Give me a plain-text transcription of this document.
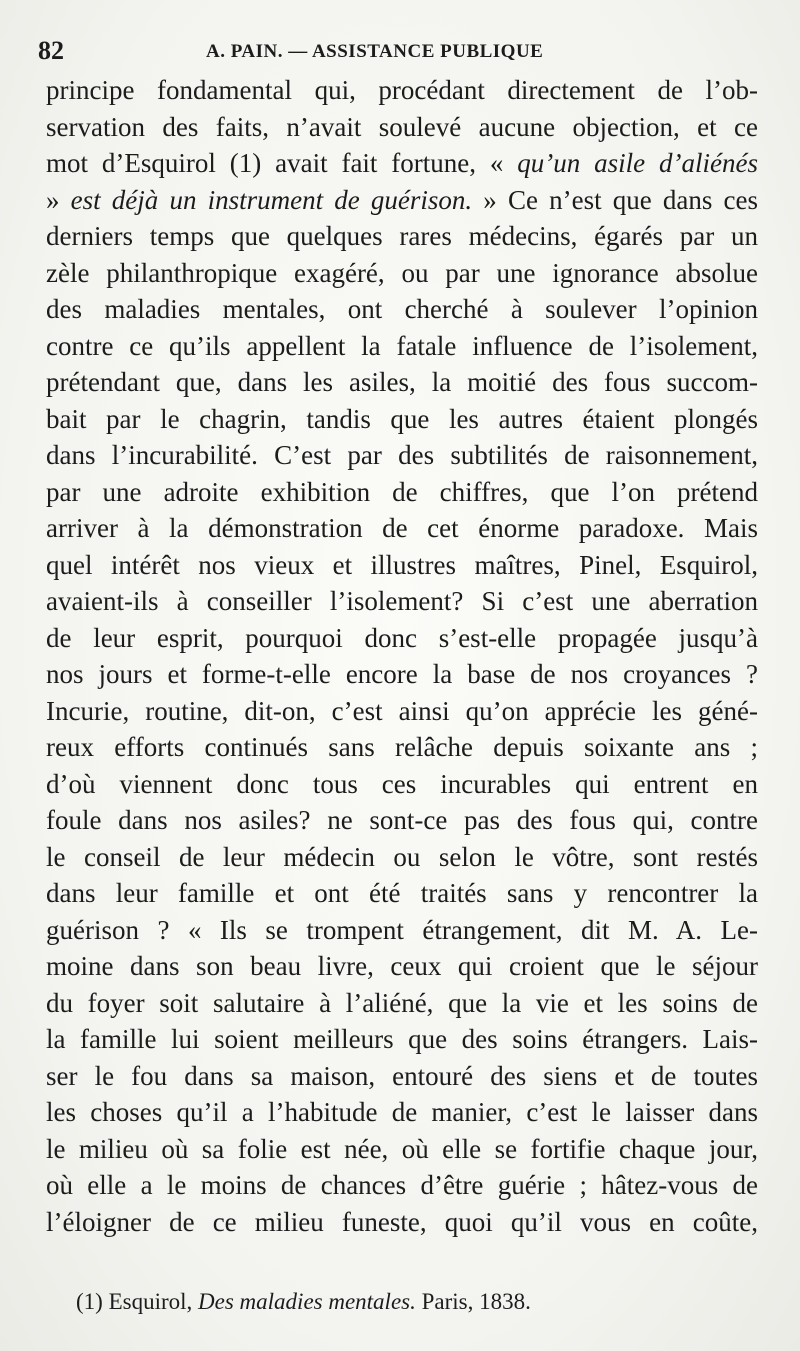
82	A. PAIN. — ASSISTANCE PUBLIQUE
principe fondamental qui, procédant directement de l’ob-
servation des faits, n’avait soulevé aucune objection, et ce
mot d’Esquirol (1) avait fait fortune, « qu’un asile d’aliénés
» est déjà un instrument de guérison. » Ce n’est que dans ces
derniers temps que quelques rares médecins, égarés par un
zèle philanthropique exagéré, ou par une ignorance absolue
des maladies mentales, ont cherché à soulever l’opinion
contre ce qu’ils appellent la fatale influence de l’isolement,
prétendant que, dans les asiles, la moitié des fous succom-
bait par le chagrin, tandis que les autres étaient plongés
dans l’incurabilité. C’est par des subtilités de raisonnement,
par une adroite exhibition de chiffres, que l’on prétend
arriver à la démonstration de cet énorme paradoxe. Mais
quel intérêt nos vieux et illustres maîtres, Pinel, Esquirol,
avaient-ils à conseiller l’isolement? Si c’est une aberration
de leur esprit, pourquoi donc s’est-elle propagée jusqu’à
nos jours et forme-t-elle encore la base de nos croyances ?
Incurie, routine, dit-on, c’est ainsi qu’on apprécie les géné-
reux efforts continués sans relâche depuis soixante ans ;
d’où viennent donc tous ces incurables qui entrent en
foule dans nos asiles? ne sont-ce pas des fous qui, contre
le conseil de leur médecin ou selon le vôtre, sont restés
dans leur famille et ont été traités sans y rencontrer la
guérison ? « Ils se trompent étrangement, dit M. A. Le-
moine dans son beau livre, ceux qui croient que le séjour
du foyer soit salutaire à l’aliéné, que la vie et les soins de
la famille lui soient meilleurs que des soins étrangers. Lais-
ser le fou dans sa maison, entouré des siens et de toutes
les choses qu’il a l’habitude de manier, c’est le laisser dans
le milieu où sa folie est née, où elle se fortifie chaque jour,
où elle a le moins de chances d’être guérie ; hâtez-vous de
l’éloigner de ce milieu funeste, quoi qu’il vous en coûte,
(1) Esquirol, Des maladies mentales. Paris, 1838.
